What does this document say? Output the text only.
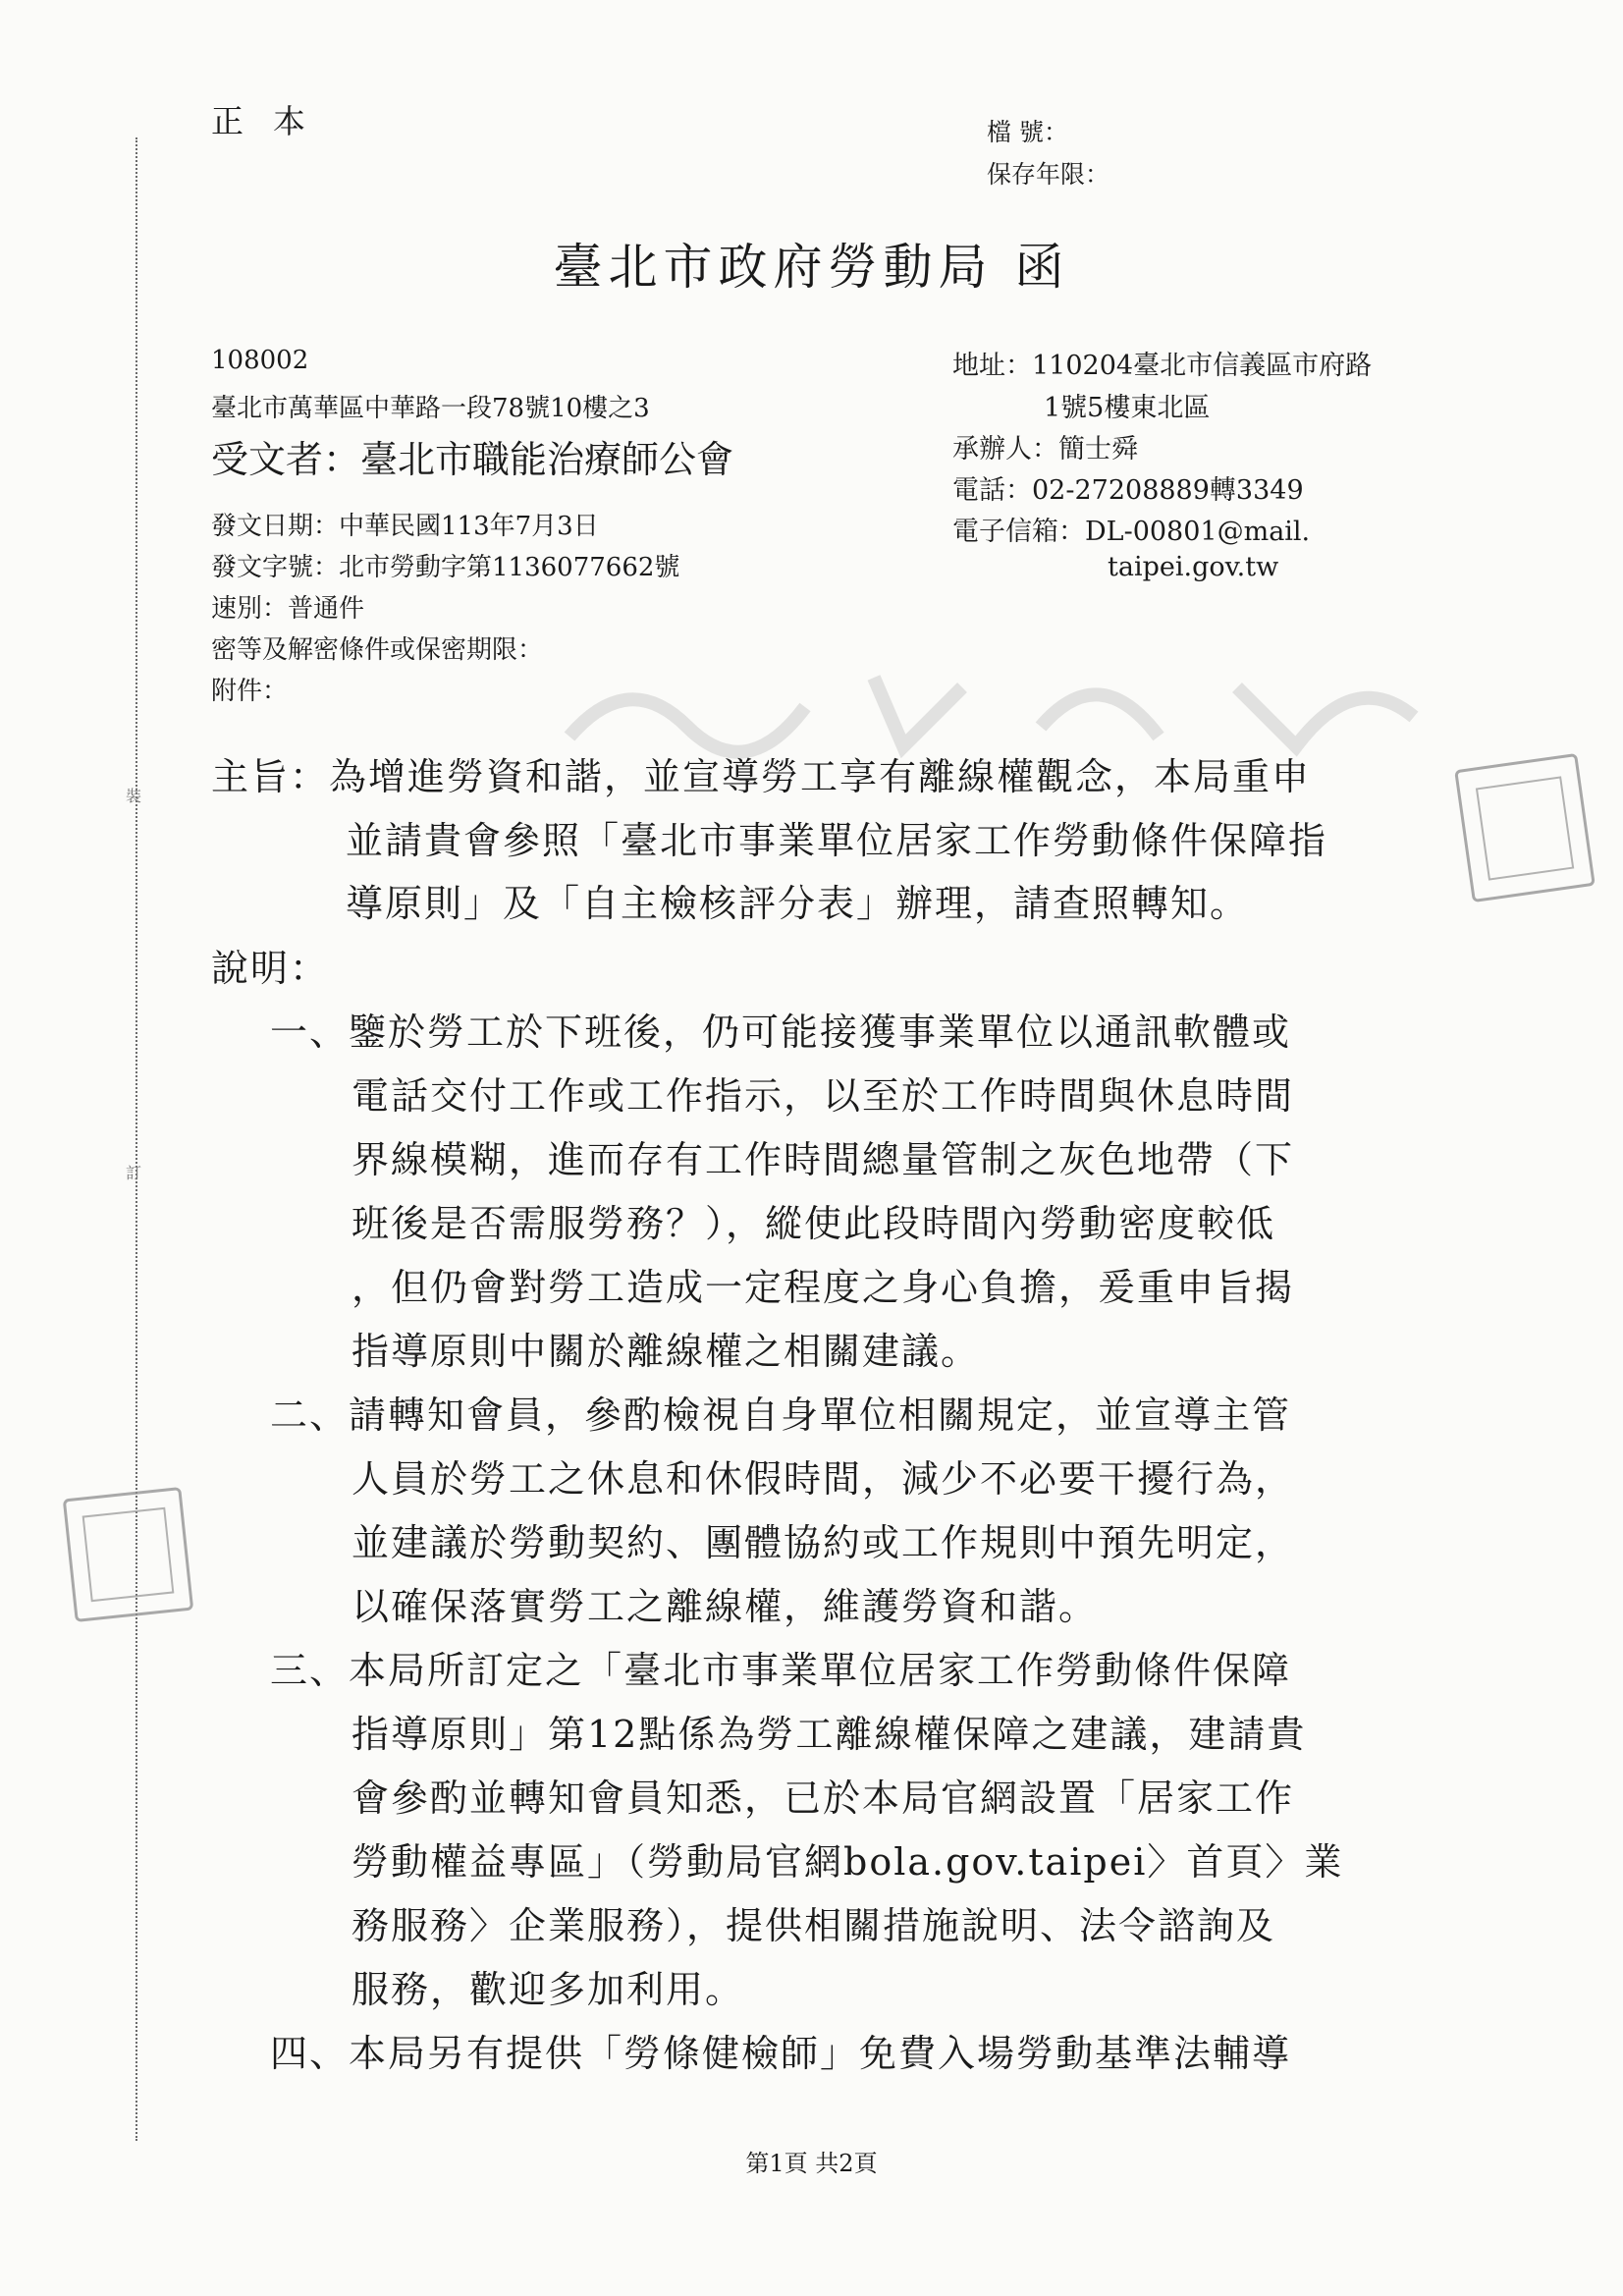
裝
訂
正本	檔 號：
保存年限：
臺北市政府勞動局 函
108002
臺北市萬華區中華路一段78號10樓之3
受文者：臺北市職能治療師公會
地址：110204臺北市信義區市府路
1號5樓東北區
承辦人：簡士舜
電話：02-27208889轉3349
電子信箱：DL-00801@mail.
taipei.gov.tw
發文日期：中華民國113年7月3日
發文字號：北市勞動字第1136077662號
速別：普通件
密等及解密條件或保密期限：
附件：
主旨：為增進勞資和諧，並宣導勞工享有離線權觀念，本局重申
並請貴會參照「臺北市事業單位居家工作勞動條件保障指
導原則」及「自主檢核評分表」辦理，請查照轉知。
說明：
一、鑒於勞工於下班後，仍可能接獲事業單位以通訊軟體或
電話交付工作或工作指示，以至於工作時間與休息時間
界線模糊，進而存有工作時間總量管制之灰色地帶（下
班後是否需服勞務？），縱使此段時間內勞動密度較低
，但仍會對勞工造成一定程度之身心負擔，爰重申旨揭
指導原則中關於離線權之相關建議。
二、請轉知會員，參酌檢視自身單位相關規定，並宣導主管
人員於勞工之休息和休假時間，減少不必要干擾行為，
並建議於勞動契約、團體協約或工作規則中預先明定，
以確保落實勞工之離線權，維護勞資和諧。
三、本局所訂定之「臺北市事業單位居家工作勞動條件保障
指導原則」第12點係為勞工離線權保障之建議，建請貴
會參酌並轉知會員知悉，已於本局官網設置「居家工作
勞動權益專區」（勞動局官網bola.gov.taipei〉首頁〉業
務服務〉企業服務），提供相關措施說明、法令諮詢及
服務，歡迎多加利用。
四、本局另有提供「勞條健檢師」免費入場勞動基準法輔導
第1頁 共2頁
